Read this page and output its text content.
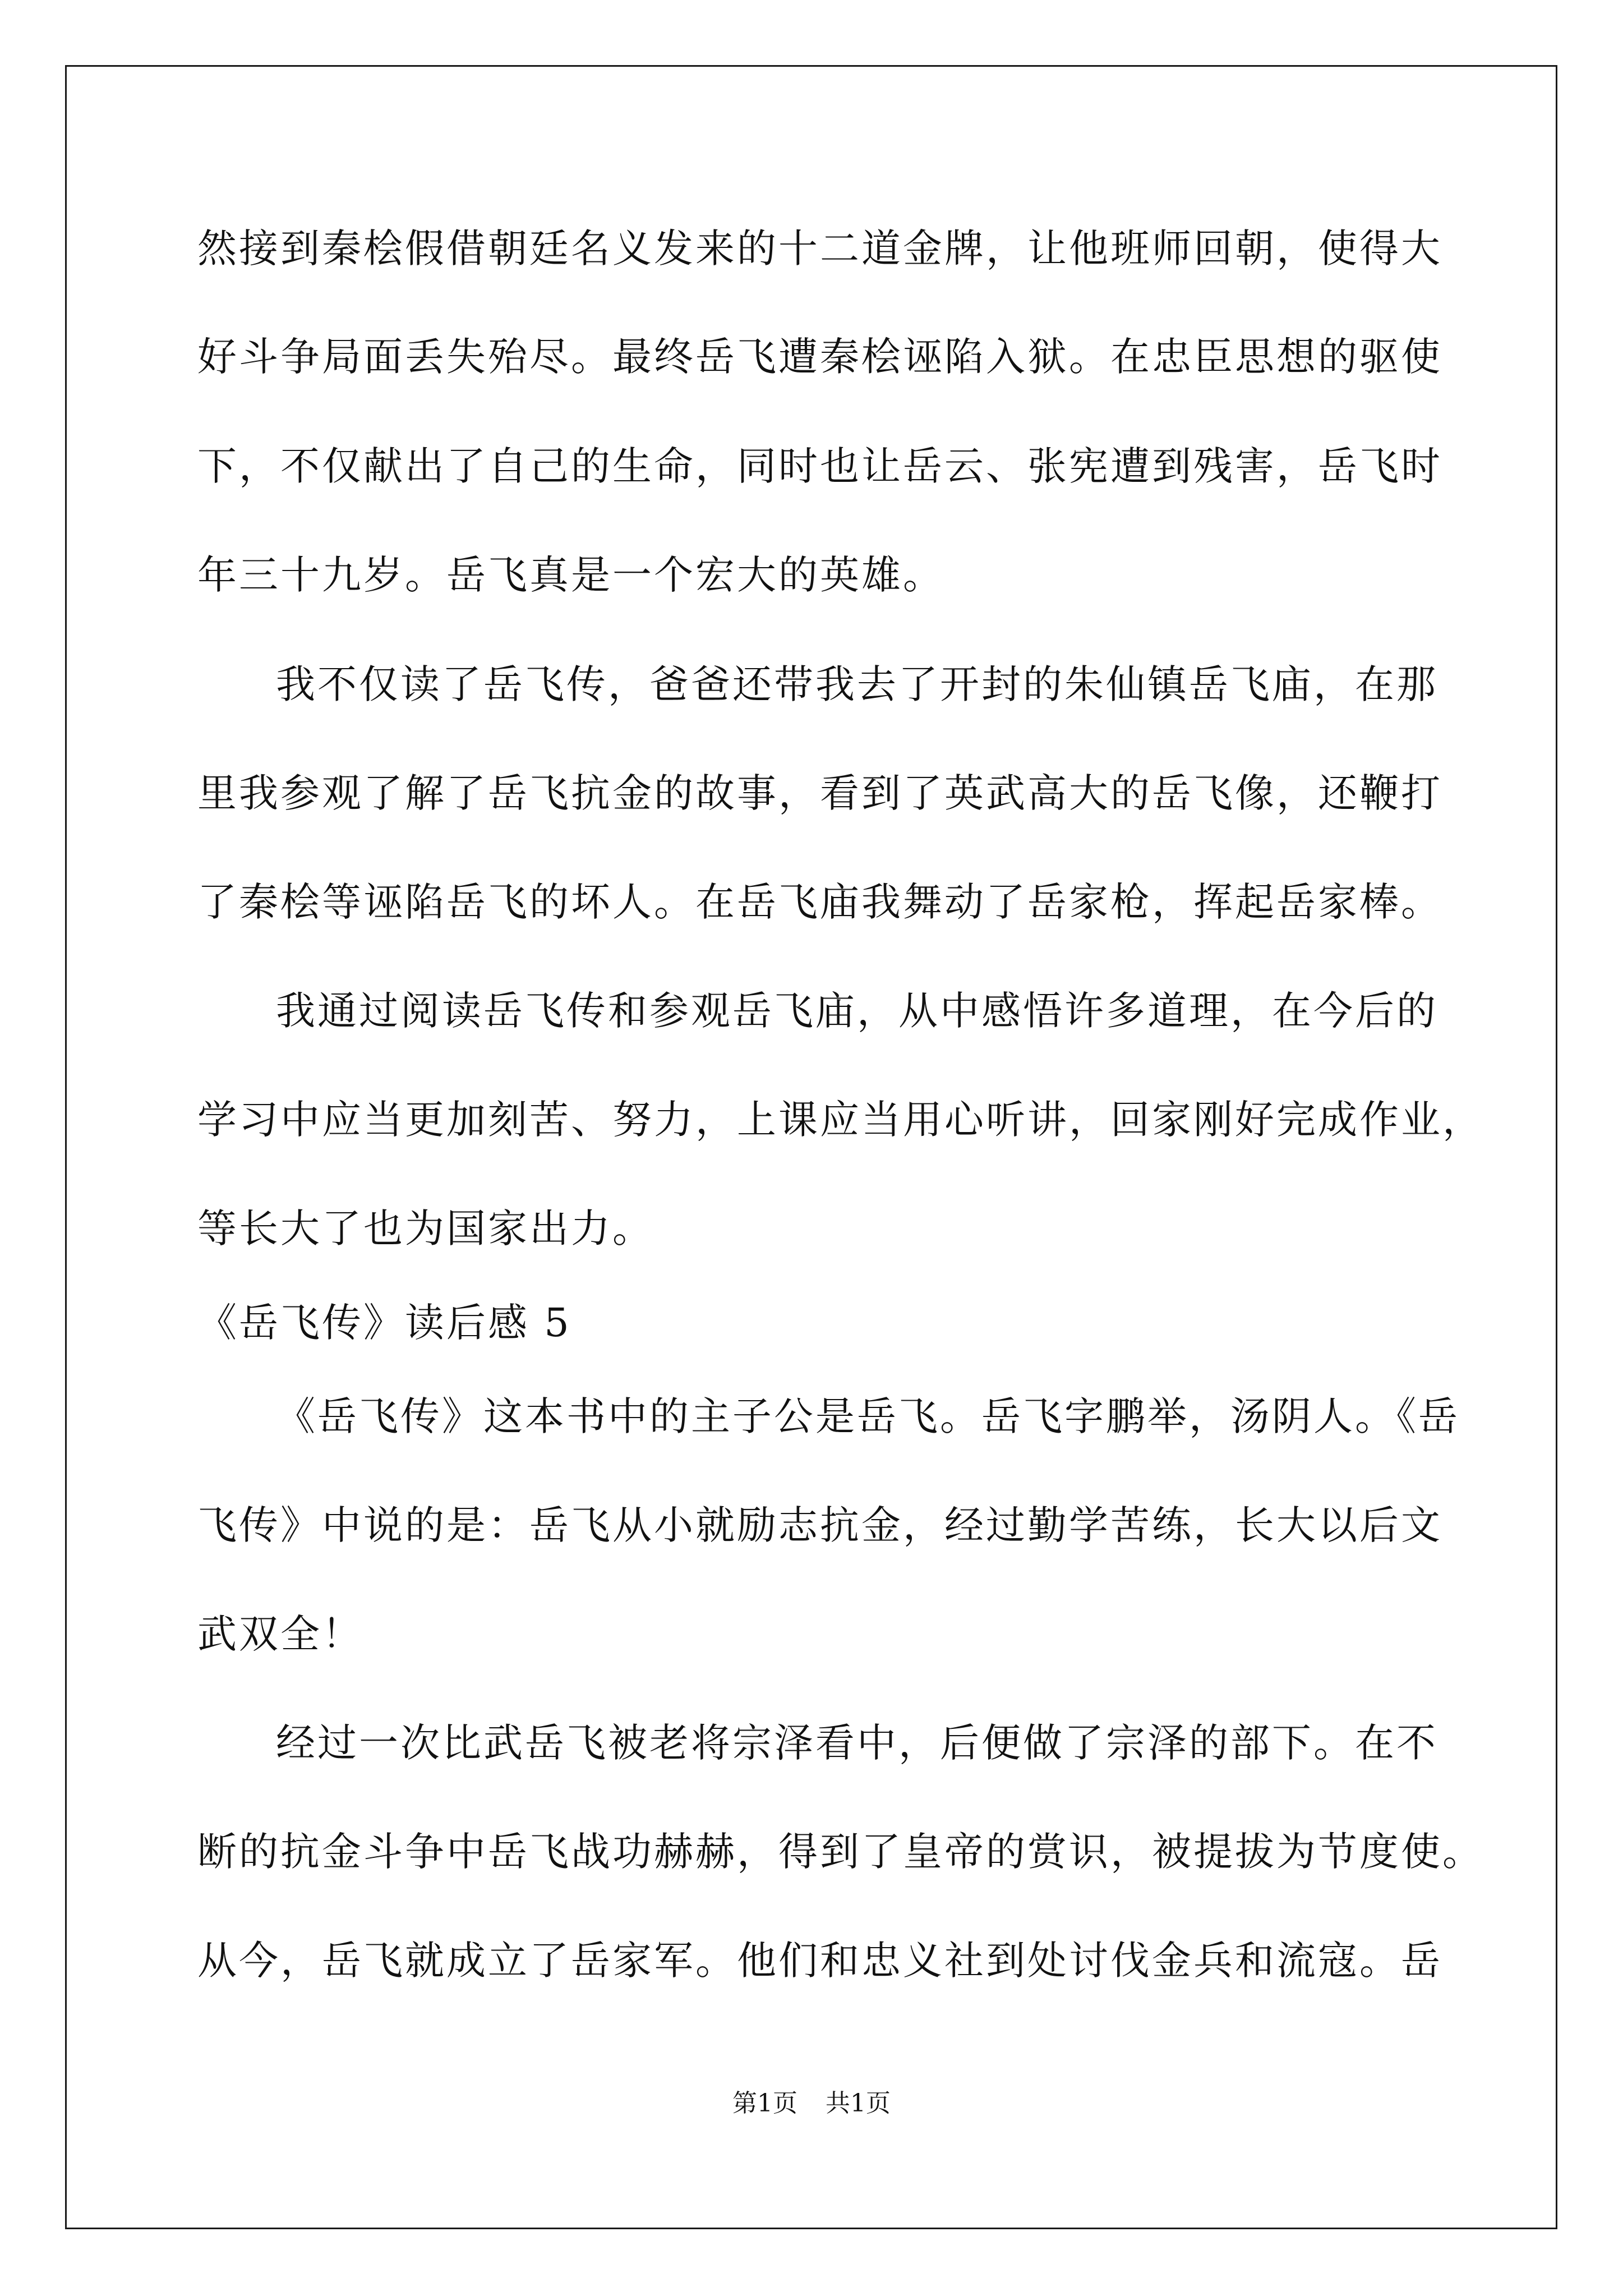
然接到秦桧假借朝廷名义发来的十二道金牌，让他班师回朝，使得大
好斗争局面丢失殆尽。最终岳飞遭秦桧诬陷入狱。在忠臣思想的驱使
下，不仅献出了自己的生命，同时也让岳云、张宪遭到残害，岳飞时
年三十九岁。岳飞真是一个宏大的英雄。
我不仅读了岳飞传，爸爸还带我去了开封的朱仙镇岳飞庙，在那
里我参观了解了岳飞抗金的故事，看到了英武高大的岳飞像，还鞭打
了秦桧等诬陷岳飞的坏人。在岳飞庙我舞动了岳家枪，挥起岳家棒。
我通过阅读岳飞传和参观岳飞庙，从中感悟许多道理，在今后的
学习中应当更加刻苦、努力，上课应当用心听讲，回家刚好完成作业，
等长大了也为国家出力。
《岳飞传》读后感 5
《岳飞传》这本书中的主子公是岳飞。岳飞字鹏举，汤阴人。《岳
飞传》中说的是：岳飞从小就励志抗金，经过勤学苦练，长大以后文
武双全！
经过一次比武岳飞被老将宗泽看中，后便做了宗泽的部下。在不
断的抗金斗争中岳飞战功赫赫，得到了皇帝的赏识，被提拔为节度使。
从今，岳飞就成立了岳家军。他们和忠义社到处讨伐金兵和流寇。岳
第1页 共1页
